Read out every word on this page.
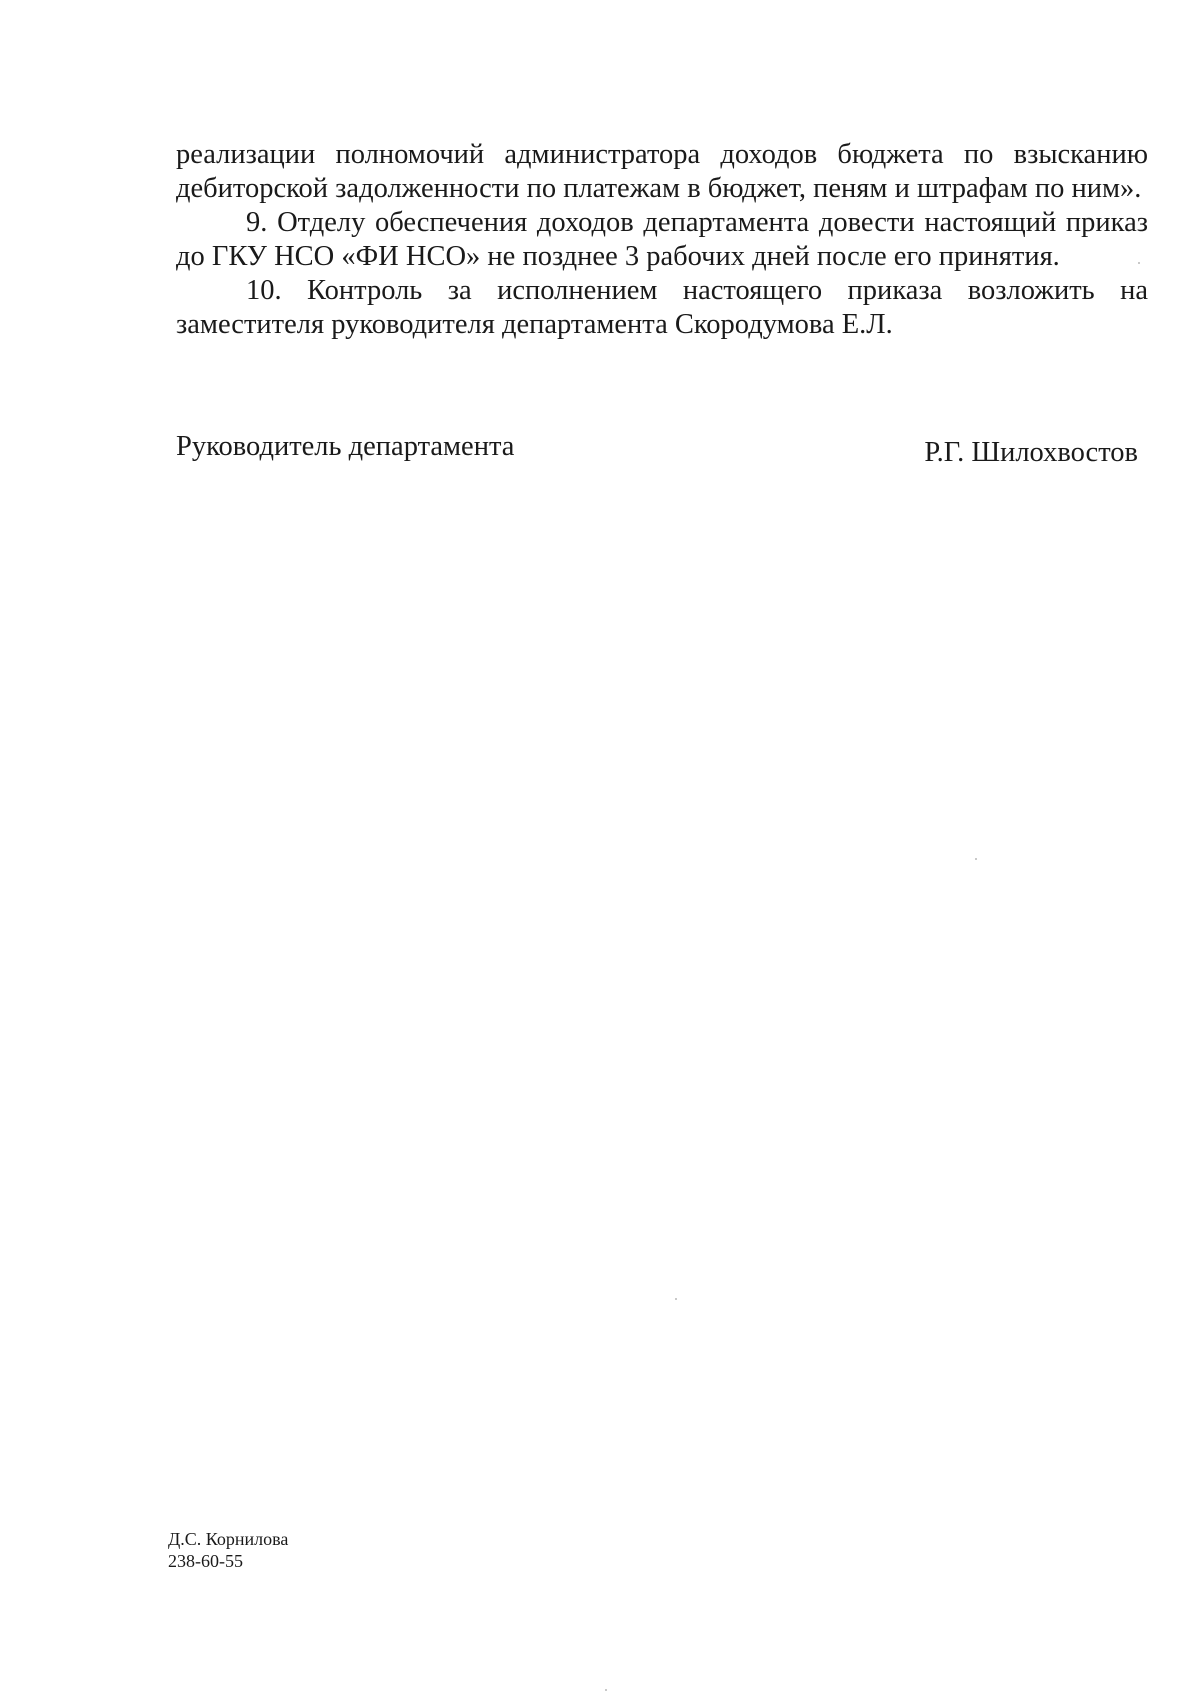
реализации полномочий администратора доходов бюджета по взысканию дебиторской задолженности по платежам в бюджет, пеням и штрафам по ним».

9. Отделу обеспечения доходов департамента довести настоящий приказ до ГКУ НСО «ФИ НСО» не позднее 3 рабочих дней после его принятия.

10. Контроль за исполнением настоящего приказа возложить на заместителя руководителя департамента Скородумова Е.Л.

Руководитель департамента	Р.Г. Шилохвостов
Д.С. Корнилова
238-60-55
